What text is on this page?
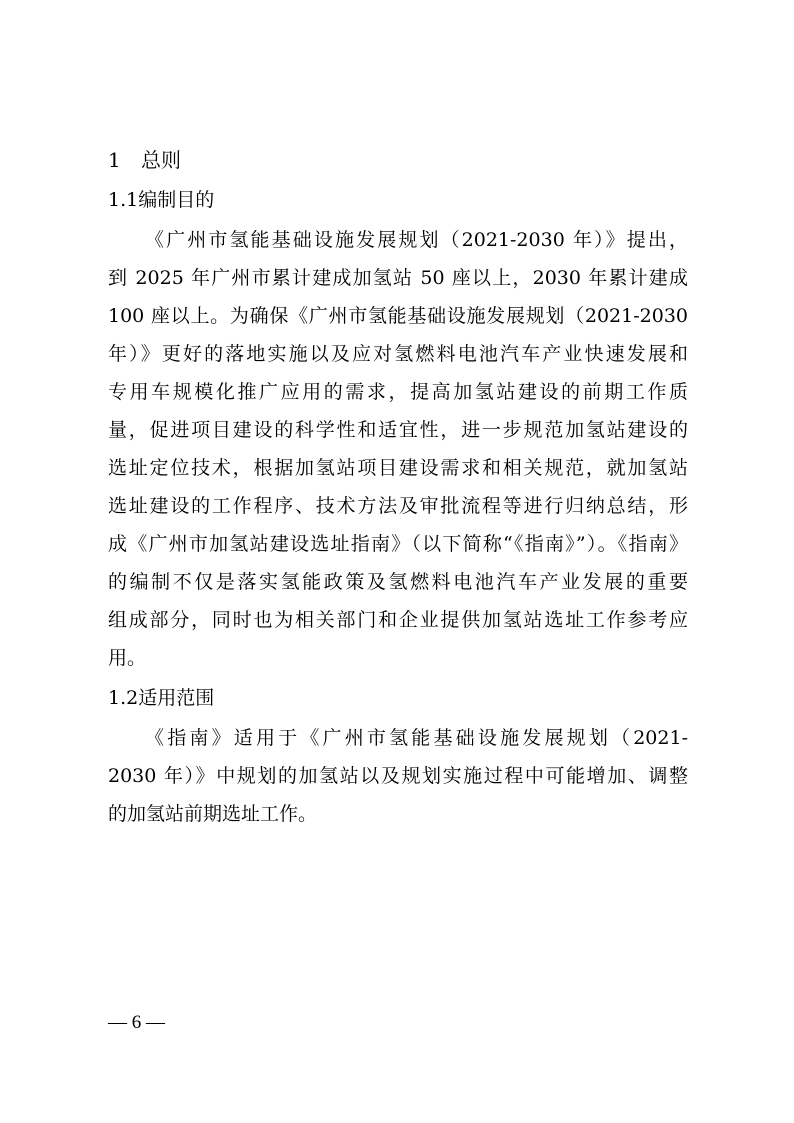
1 总则
1.1编制目的
《广州市氢能基础设施发展规划（2021-2030 年）》提出，
到 2025 年广州市累计建成加氢站 50 座以上，2030 年累计建成
100 座以上。为确保《广州市氢能基础设施发展规划（2021-2030
年）》更好的落地实施以及应对氢燃料电池汽车产业快速发展和
专用车规模化推广应用的需求，提高加氢站建设的前期工作质
量，促进项目建设的科学性和适宜性，进一步规范加氢站建设的
选址定位技术，根据加氢站项目建设需求和相关规范，就加氢站
选址建设的工作程序、技术方法及审批流程等进行归纳总结，形
成《广州市加氢站建设选址指南》（以下简称“《指南》”）。《指南》
的编制不仅是落实氢能政策及氢燃料电池汽车产业发展的重要
组成部分，同时也为相关部门和企业提供加氢站选址工作参考应
用。
1.2适用范围
《指南》适用于《广州市氢能基础设施发展规划（2021-
2030 年）》中规划的加氢站以及规划实施过程中可能增加、调整
的加氢站前期选址工作。
— 6 —
